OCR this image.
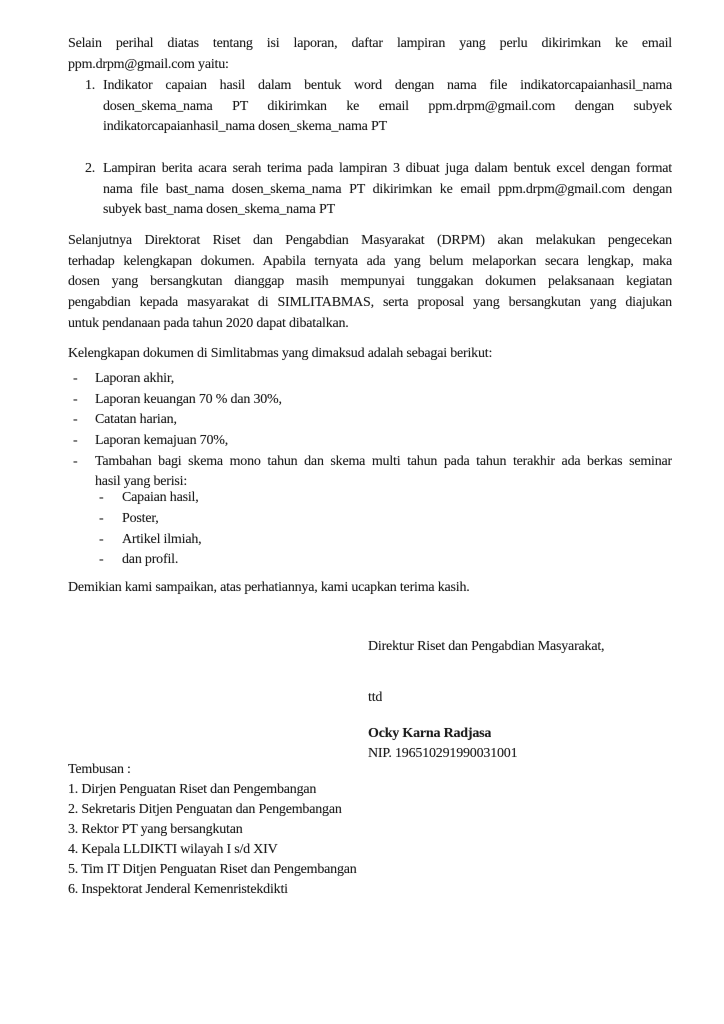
Selain perihal diatas tentang isi laporan, daftar lampiran yang perlu dikirimkan ke email
ppm.drpm@gmail.com yaitu:
1. Indikator capaian hasil dalam bentuk word dengan nama file indikatorcapaianhasil_nama
dosen_skema_nama PT dikirimkan ke email ppm.drpm@gmail.com dengan subyek
indikatorcapaianhasil_nama dosen_skema_nama PT
2. Lampiran berita acara serah terima pada lampiran 3 dibuat juga dalam bentuk excel dengan format
nama file bast_nama dosen_skema_nama PT dikirimkan ke email ppm.drpm@gmail.com dengan
subyek bast_nama dosen_skema_nama PT
Selanjutnya Direktorat Riset dan Pengabdian Masyarakat (DRPM) akan melakukan pengecekan
terhadap kelengkapan dokumen. Apabila ternyata ada yang belum melaporkan secara lengkap, maka
dosen yang bersangkutan dianggap masih mempunyai tunggakan dokumen pelaksanaan kegiatan
pengabdian kepada masyarakat di SIMLITABMAS, serta proposal yang bersangkutan yang diajukan
untuk pendanaan pada tahun 2020 dapat dibatalkan.
Kelengkapan dokumen di Simlitabmas yang dimaksud adalah sebagai berikut:
- Laporan akhir,
- Laporan keuangan 70 % dan 30%,
- Catatan harian,
- Laporan kemajuan 70%,
- Tambahan bagi skema mono tahun dan skema multi tahun pada tahun terakhir ada berkas seminar
hasil yang berisi:
- Capaian hasil,
- Poster,
- Artikel ilmiah,
- dan profil.
Demikian kami sampaikan, atas perhatiannya, kami ucapkan terima kasih.
Direktur Riset dan Pengabdian Masyarakat,
ttd
Ocky Karna Radjasa
NIP. 196510291990031001
Tembusan :
1. Dirjen Penguatan Riset dan Pengembangan
2. Sekretaris Ditjen Penguatan dan Pengembangan
3. Rektor PT yang bersangkutan
4. Kepala LLDIKTI wilayah I s/d XIV
5. Tim IT Ditjen Penguatan Riset dan Pengembangan
6. Inspektorat Jenderal Kemenristekdikti
